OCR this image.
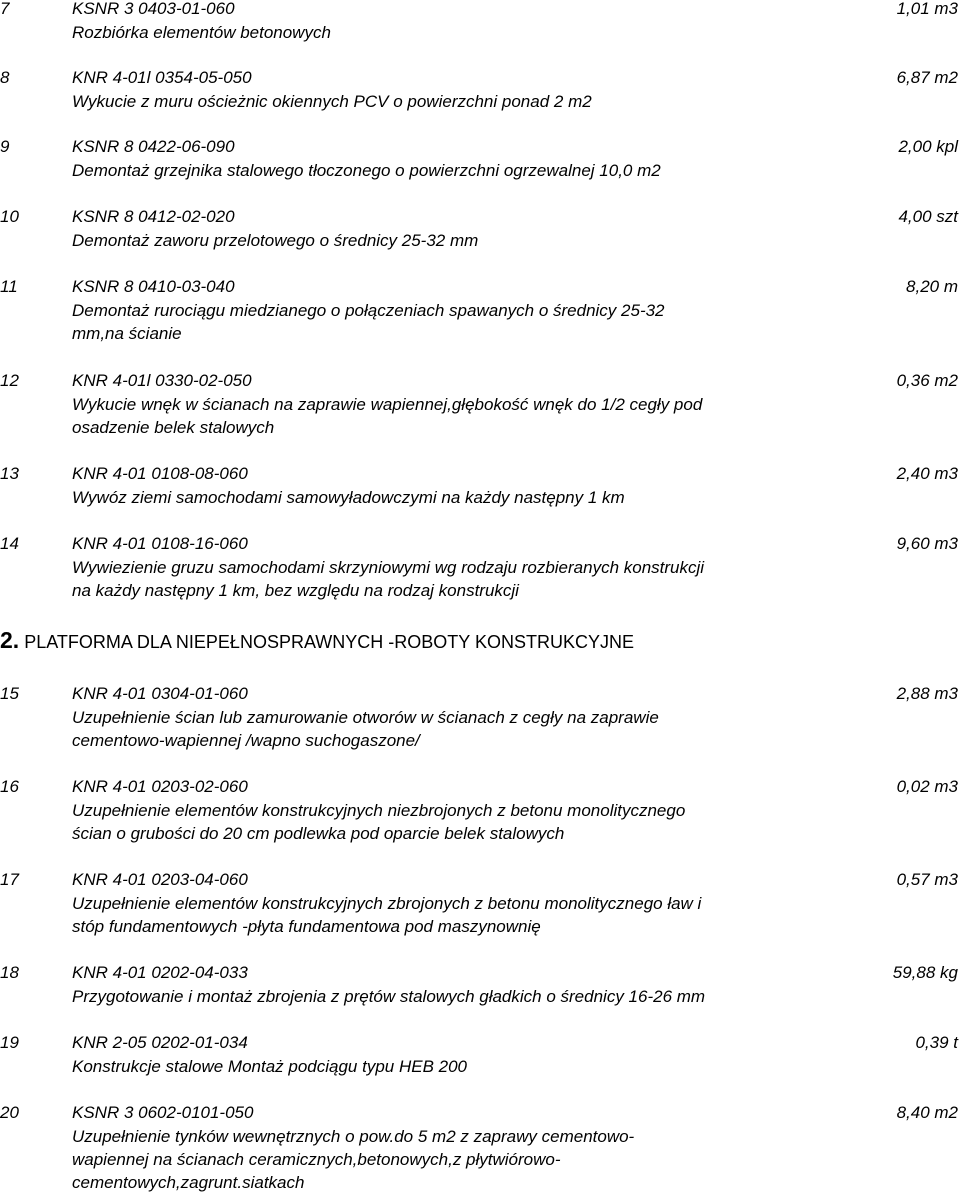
7	KSNR 3 0403-01-060	1,01 m3
Rozbiórka elementów betonowych
8	KNR 4-01l 0354-05-050	6,87 m2
Wykucie z muru ościeżnic okiennych PCV o powierzchni ponad 2 m2
9	KSNR 8 0422-06-090	2,00 kpl
Demontaż grzejnika stalowego tłoczonego o powierzchni ogrzewalnej 10,0 m2
10	KSNR 8 0412-02-020	4,00 szt
Demontaż zaworu przelotowego o średnicy 25-32 mm
11	KSNR 8 0410-03-040	8,20 m
Demontaż rurociągu miedzianego o połączeniach spawanych o średnicy 25-32
mm,na ścianie
12	KNR 4-01l 0330-02-050	0,36 m2
Wykucie wnęk w ścianach na zaprawie wapiennej,głębokość wnęk do 1/2 cegły pod
osadzenie belek stalowych
13	KNR 4-01 0108-08-060	2,40 m3
Wywóz ziemi samochodami samowyładowczymi na każdy następny 1 km
14	KNR 4-01 0108-16-060	9,60 m3
Wywiezienie gruzu samochodami skrzyniowymi wg rodzaju rozbieranych konstrukcji
na każdy następny 1 km, bez względu na rodzaj konstrukcji
2. PLATFORMA DLA NIEPEŁNOSPRAWNYCH -ROBOTY KONSTRUKCYJNE
15	KNR 4-01 0304-01-060	2,88 m3
Uzupełnienie ścian lub zamurowanie otworów w ścianach z cegły na zaprawie
cementowo-wapiennej /wapno suchogaszone/
16	KNR 4-01 0203-02-060	0,02 m3
Uzupełnienie elementów konstrukcyjnych niezbrojonych z betonu monolitycznego
ścian o grubości do 20 cm podlewka pod oparcie belek stalowych
17	KNR 4-01 0203-04-060	0,57 m3
Uzupełnienie elementów konstrukcyjnych zbrojonych z betonu monolitycznego ław i
stóp fundamentowych -płyta fundamentowa pod maszynownię
18	KNR 4-01 0202-04-033	59,88 kg
Przygotowanie i montaż zbrojenia z prętów stalowych gładkich o średnicy 16-26 mm
19	KNR 2-05 0202-01-034	0,39 t
Konstrukcje stalowe Montaż podciągu typu HEB 200
20	KSNR 3 0602-0101-050	8,40 m2
Uzupełnienie tynków wewnętrznych o pow.do 5 m2 z zaprawy cementowo-
wapiennej na ścianach ceramicznych,betonowych,z płytwiórowo-
cementowych,zagrunt.siatkach
